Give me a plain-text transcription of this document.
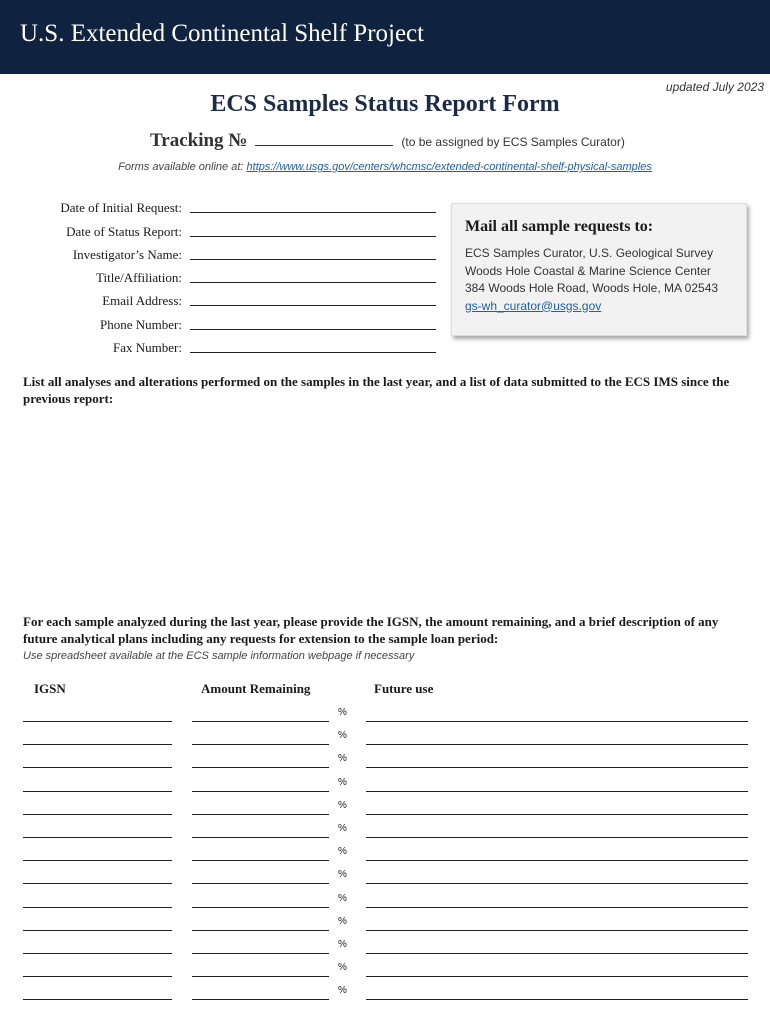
U.S. Extended Continental Shelf Project
updated July 2023
ECS Samples Status Report Form
Tracking №	(to be assigned by ECS Samples Curator)
Forms available online at: https://www.usgs.gov/centers/whcmsc/extended-continental-shelf-physical-samples
Date of Initial Request:
Date of Status Report:
Investigator’s Name:
Title/Affiliation:
Email Address:
Phone Number:
Fax Number:
Mail all sample requests to:
ECS Samples Curator, U.S. Geological Survey
Woods Hole Coastal & Marine Science Center
384 Woods Hole Road, Woods Hole, MA 02543
gs-wh_curator@usgs.gov
List all analyses and alterations performed on the samples in the last year, and a list of data submitted to the ECS IMS since the previous report:
For each sample analyzed during the last year, please provide the IGSN, the amount remaining, and a brief description of any future analytical plans including any requests for extension to the sample loan period:
Use spreadsheet available at the ECS sample information webpage if necessary
IGSN	Amount Remaining	Future use
%
%
%
%
%
%
%
%
%
%
%
%
%
